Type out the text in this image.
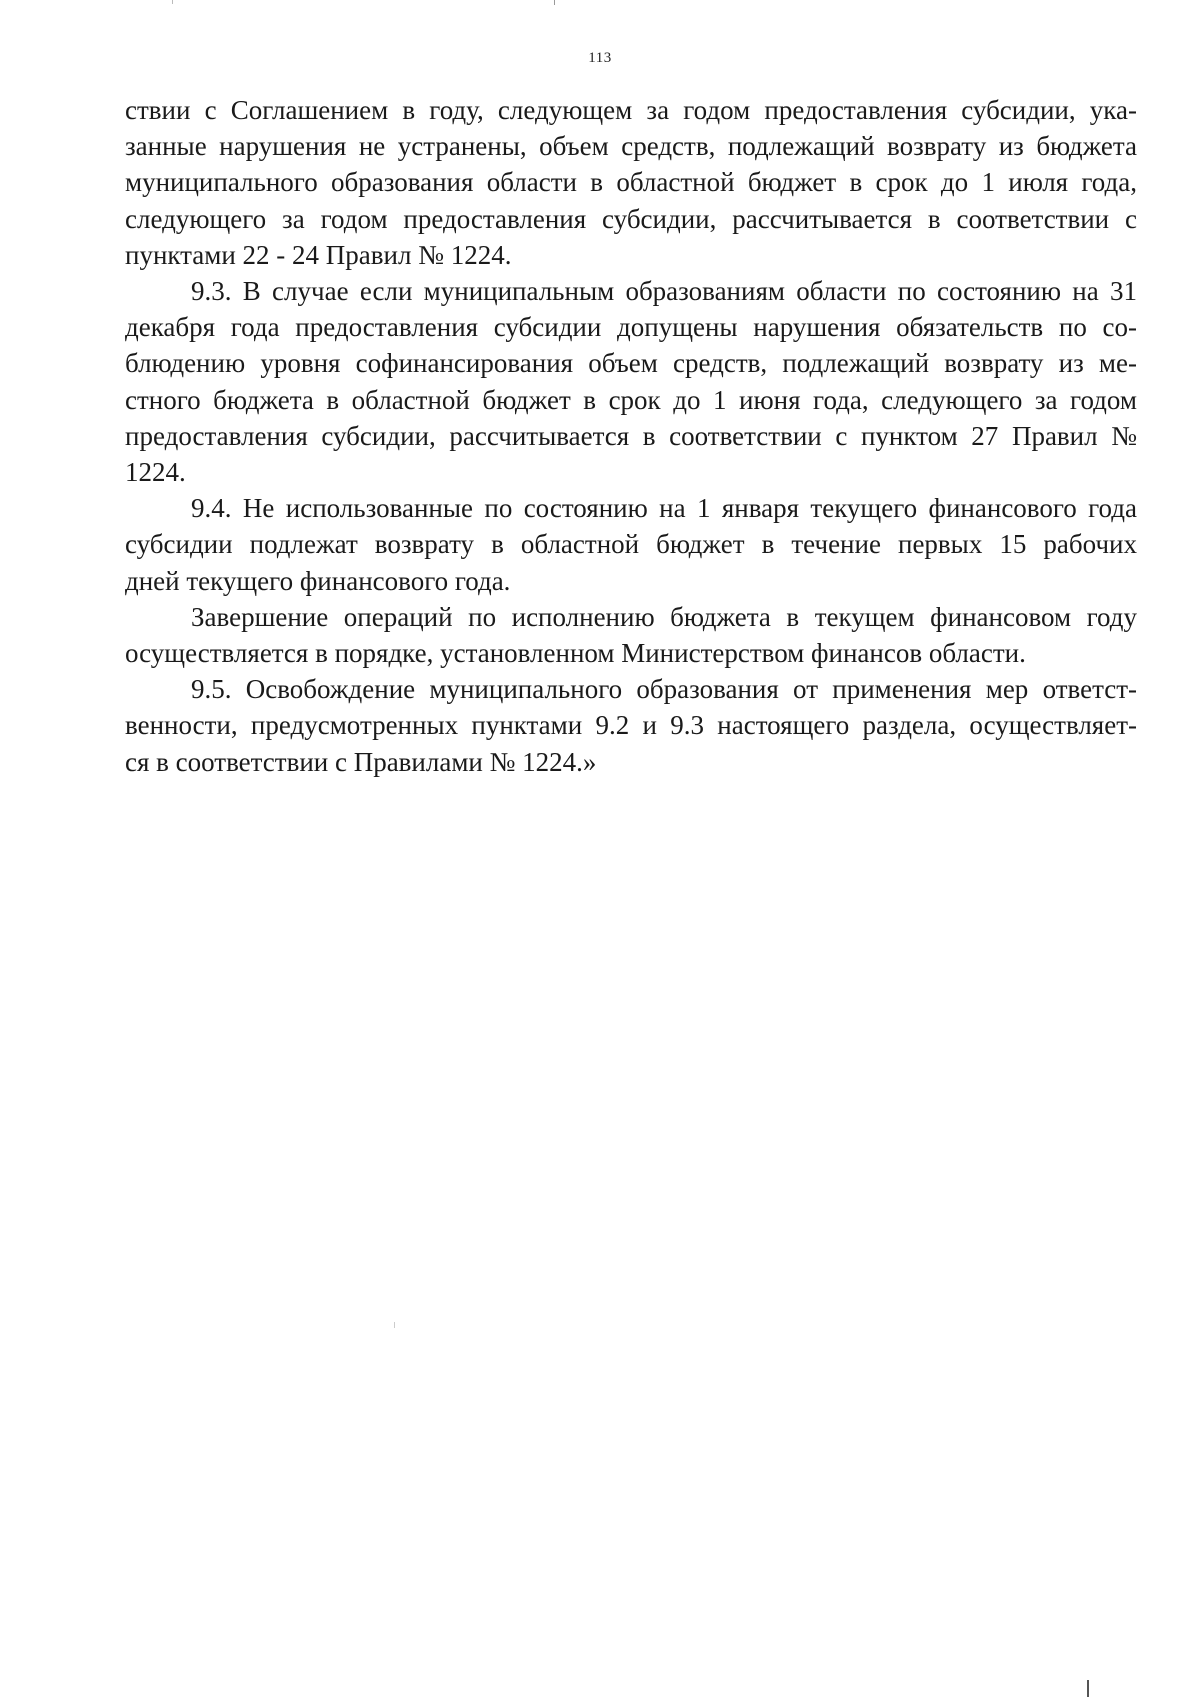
113
ствии с Соглашением в году, следующем за годом предоставления субсидии, ука-
занные нарушения не устранены, объем средств, подлежащий возврату из бюджета
муниципального образования области в областной бюджет в срок до 1 июля года,
следующего за годом предоставления субсидии, рассчитывается в соответствии с
пунктами 22 - 24 Правил № 1224.
9.3. В случае если муниципальным образованиям области по состоянию на 31
декабря года предоставления субсидии допущены нарушения обязательств по со-
блюдению уровня софинансирования объем средств, подлежащий возврату из ме-
стного бюджета в областной бюджет в срок до 1 июня года, следующего за годом
предоставления субсидии, рассчитывается в соответствии с пунктом 27 Правил №
1224.
9.4. Не использованные по состоянию на 1 января текущего финансового года
субсидии подлежат возврату в областной бюджет в течение первых 15 рабочих
дней текущего финансового года.
Завершение операций по исполнению бюджета в текущем финансовом году
осуществляется в порядке, установленном Министерством финансов области.
9.5. Освобождение муниципального образования от применения мер ответст-
венности, предусмотренных пунктами 9.2 и 9.3 настоящего раздела, осуществляет-
ся в соответствии с Правилами № 1224.»
